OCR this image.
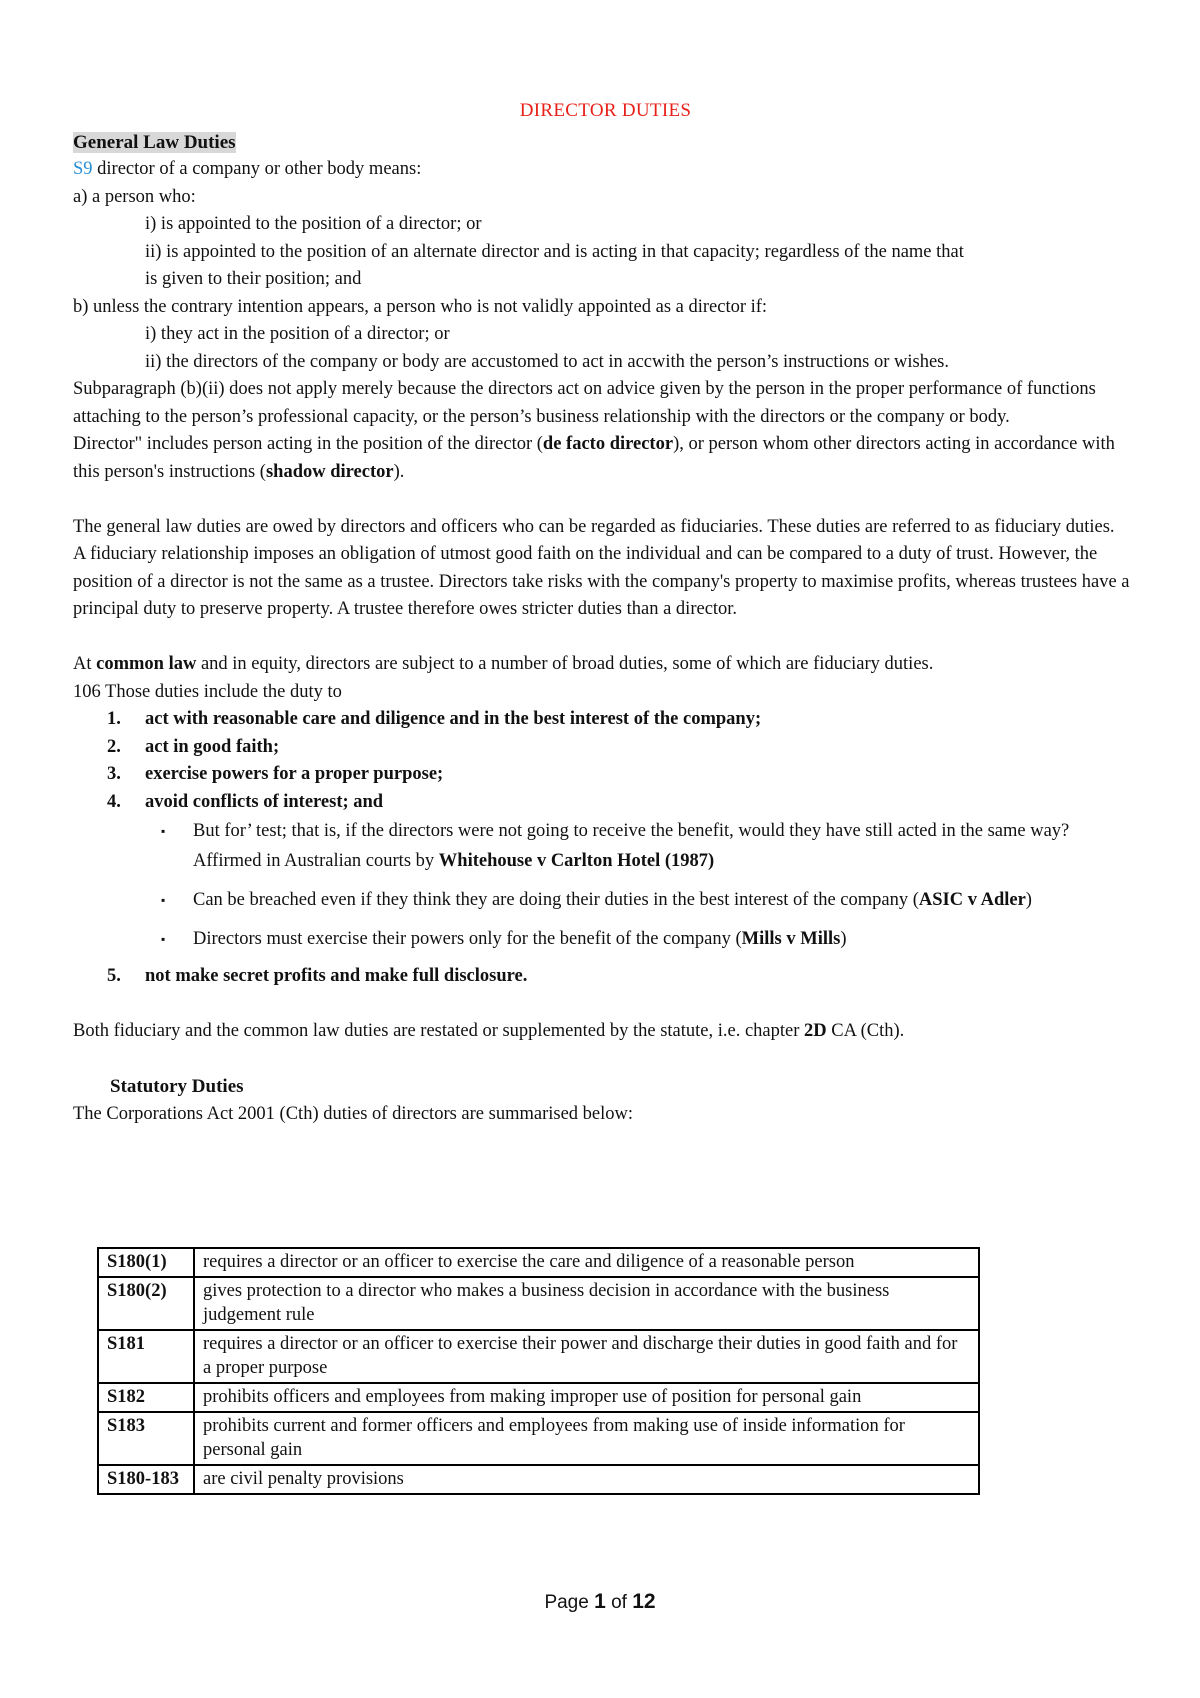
DIRECTOR DUTIES

General Law Duties

S9 director of a company or other body means:

a) a person who:

i) is appointed to the position of a director; or

ii) is appointed to the position of an alternate director and is acting in that capacity; regardless of the name that
is given to their position; and

b) unless the contrary intention appears, a person who is not validly appointed as a director if:

i) they act in the position of a director; or

ii) the directors of the company or body are accustomed to act in accwith the person’s instructions or wishes.

Subparagraph (b)(ii) does not apply merely because the directors act on advice given by the person in the proper performance of functions attaching to the person’s professional capacity, or the person’s business relationship with the directors or the company or body.

Director" includes person acting in the position of the director (de facto director), or person whom other directors acting in accordance with this person's instructions (shadow director).

The general law duties are owed by directors and officers who can be regarded as fiduciaries. These duties are referred to as fiduciary duties.

A fiduciary relationship imposes an obligation of utmost good faith on the individual and can be compared to a duty of trust. However, the position of a director is not the same as a trustee. Directors take risks with the company's property to maximise profits, whereas trustees have a principal duty to preserve property. A trustee therefore owes stricter duties than a director.

At common law and in equity, directors are subject to a number of broad duties, some of which are fiduciary duties.

106 Those duties include the duty to

1. act with reasonable care and diligence and in the best interest of the company;
2. act in good faith;
3. exercise powers for a proper purpose;
4. avoid conflicts of interest; and
▪ But for’ test; that is, if the directors were not going to receive the benefit, would they have still acted in the same way? Affirmed in Australian courts by Whitehouse v Carlton Hotel (1987)
▪ Can be breached even if they think they are doing their duties in the best interest of the company (ASIC v Adler)
▪ Directors must exercise their powers only for the benefit of the company (Mills v Mills)
5. not make secret profits and make full disclosure.

Both fiduciary and the common law duties are restated or supplemented by the statute, i.e. chapter 2D CA (Cth).

Statutory Duties

The Corporations Act 2001 (Cth) duties of directors are summarised below:

S180(1)	requires a director or an officer to exercise the care and diligence of a reasonable person
S180(2)	gives protection to a director who makes a business decision in accordance with the business judgement rule
S181	requires a director or an officer to exercise their power and discharge their duties in good faith and for a proper purpose
S182	prohibits officers and employees from making improper use of position for personal gain
S183	prohibits current and former officers and employees from making use of inside information for personal gain
S180-183	are civil penalty provisions
Page 1 of 12
